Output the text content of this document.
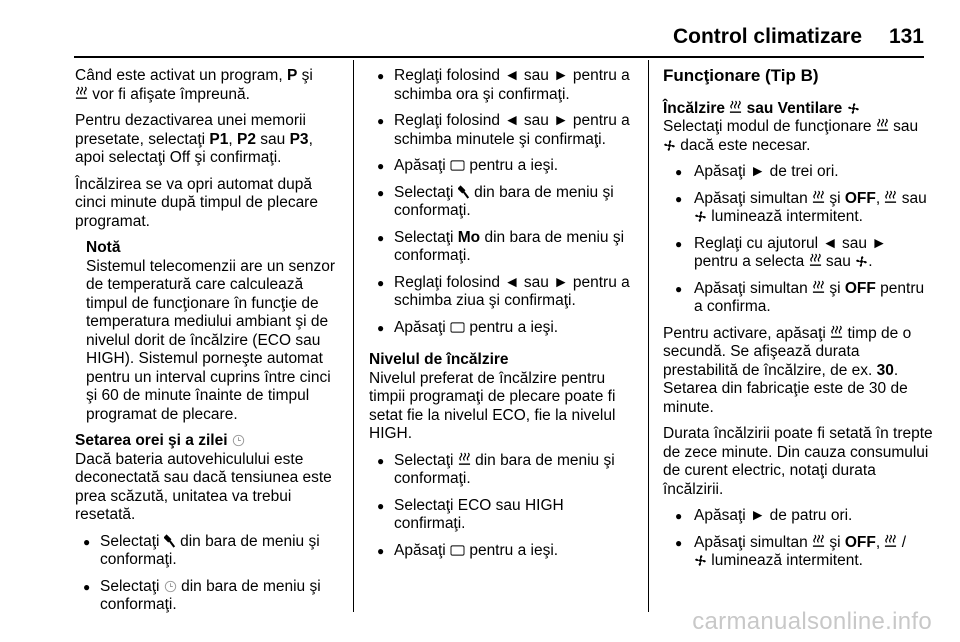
Control climatizare 131

Când este activat un program, P şi
vor fi afişate împreună.

Pentru dezactivarea unei memorii presetate, selectaţi P1, P2 sau P3, apoi selectaţi Off şi confirmaţi.

Încălzirea se va opri automat după cinci minute după timpul de plecare programat.

Notă
Sistemul telecomenzii are un senzor de temperatură care calculează timpul de funcţionare în funcţie de temperatura mediului ambiant şi de nivelul dorit de încălzire (ECO sau HIGH). Sistemul porneşte automat pentru un interval cuprins între cinci şi 60 de minute înainte de timpul programat de plecare.
Setarea orei şi a zilei

Dacă bateria autovehiculului este deconectată sau dacă tensiunea este prea scăzută, unitatea va trebui resetată.

● Selectaţi  din bara de meniu şi conformaţi.
● Selectaţi  din bara de meniu şi conformaţi.
● Reglaţi folosind ◄ sau ► pentru a schimba ora şi confirmaţi.
● Reglaţi folosind ◄ sau ► pentru a schimba minutele şi confirmaţi.
● Apăsaţi  pentru a ieşi.
● Selectaţi  din bara de meniu şi conformaţi.
● Selectaţi Mo din bara de meniu şi conformaţi.
● Reglaţi folosind ◄ sau ► pentru a schimba ziua şi confirmaţi.
● Apăsaţi  pentru a ieşi.
Nivelul de încălzire

Nivelul preferat de încălzire pentru timpii programaţi de plecare poate fi setat fie la nivelul ECO, fie la nivelul HIGH.

● Selectaţi  din bara de meniu şi conformaţi.
● Selectaţi ECO sau HIGH confirmaţi.
● Apăsaţi  pentru a ieşi.
Funcţionare (Tip B)
Încălzire  sau Ventilare

Selectaţi modul de funcţionare  sau
dacă este necesar.

● Apăsaţi ► de trei ori.
● Apăsaţi simultan  şi OFF,  sau
luminează intermitent.
● Reglaţi cu ajutorul ◄ sau ► pentru a selecta  sau .
● Apăsaţi simultan  şi OFF pentru a confirma.

Pentru activare, apăsaţi  timp de o secundă. Se afişează durata prestabilită de încălzire, de ex. 30. Setarea din fabricaţie este de 30 de minute.

Durata încălzirii poate fi setată în trepte de zece minute. Din cauza consumului de curent electric, notaţi durata încălzirii.

● Apăsaţi ► de patru ori.
● Apăsaţi simultan  şi OFF,  /
luminează intermitent.
carmanualsonline.info
